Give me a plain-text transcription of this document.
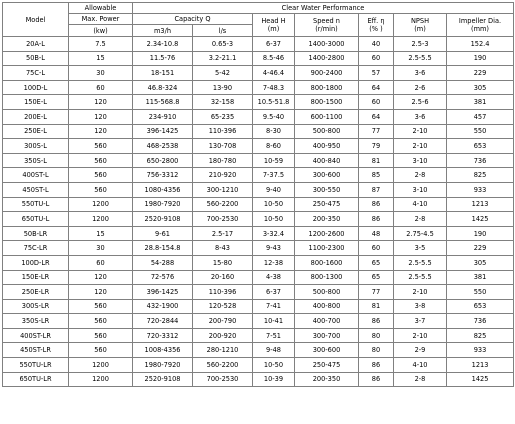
Model	Allowable	Clear Water Performance						
	Max. Power	Capacity Q		Head H
(m)	Speed n
(r/min)	Eff. η
(% )	NPSH
(m)	Impeller Dia.
(mm)
	(kw)	m3/h	l/s					
20A-L	7.5	2.34-10.8	0.65-3	6-37	1400-3000	40	2.5-3	152.4
50B-L	15	11.5-76	3.2-21.1	8.5-46	1400-2800	60	2.5-5.5	190
75C-L	30	18-151	5-42	4-46.4	900-2400	57	3-6	229
100D-L	60	46.8-324	13-90	7-48.3	800-1800	64	2-6	305
150E-L	120	115-568.8	32-158	10.5-51.8	800-1500	60	2.5-6	381
200E-L	120	234-910	65-235	9.5-40	600-1100	64	3-6	457
250E-L	120	396-1425	110-396	8-30	500-800	77	2-10	550
300S-L	560	468-2538	130-708	8-60	400-950	79	2-10	653
350S-L	560	650-2800	180-780	10-59	400-840	81	3-10	736
400ST-L	560	756-3312	210-920	7-37.5	300-600	85	2-8	825
450ST-L	560	1080-4356	300-1210	9-40	300-550	87	3-10	933
550TU-L	1200	1980-7920	560-2200	10-50	250-475	86	4-10	1213
650TU-L	1200	2520-9108	700-2530	10-50	200-350	86	2-8	1425
50B-LR	15	9-61	2.5-17	3-32.4	1200-2600	48	2.75-4.5	190
75C-LR	30	28.8-154.8	8-43	9-43	1100-2300	60	3-5	229
100D-LR	60	54-288	15-80	12-38	800-1600	65	2.5-5.5	305
150E-LR	120	72-576	20-160	4-38	800-1300	65	2.5-5.5	381
250E-LR	120	396-1425	110-396	6-37	500-800	77	2-10	550
300S-LR	560	432-1900	120-528	7-41	400-800	81	3-8	653
350S-LR	560	720-2844	200-790	10-41	400-700	86	3-7	736
400ST-LR	560	720-3312	200-920	7-51	300-700	80	2-10	825
450ST-LR	560	1008-4356	280-1210	9-48	300-600	80	2-9	933
550TU-LR	1200	1980-7920	560-2200	10-50	250-475	86	4-10	1213
650TU-LR	1200	2520-9108	700-2530	10-39	200-350	86	2-8	1425
